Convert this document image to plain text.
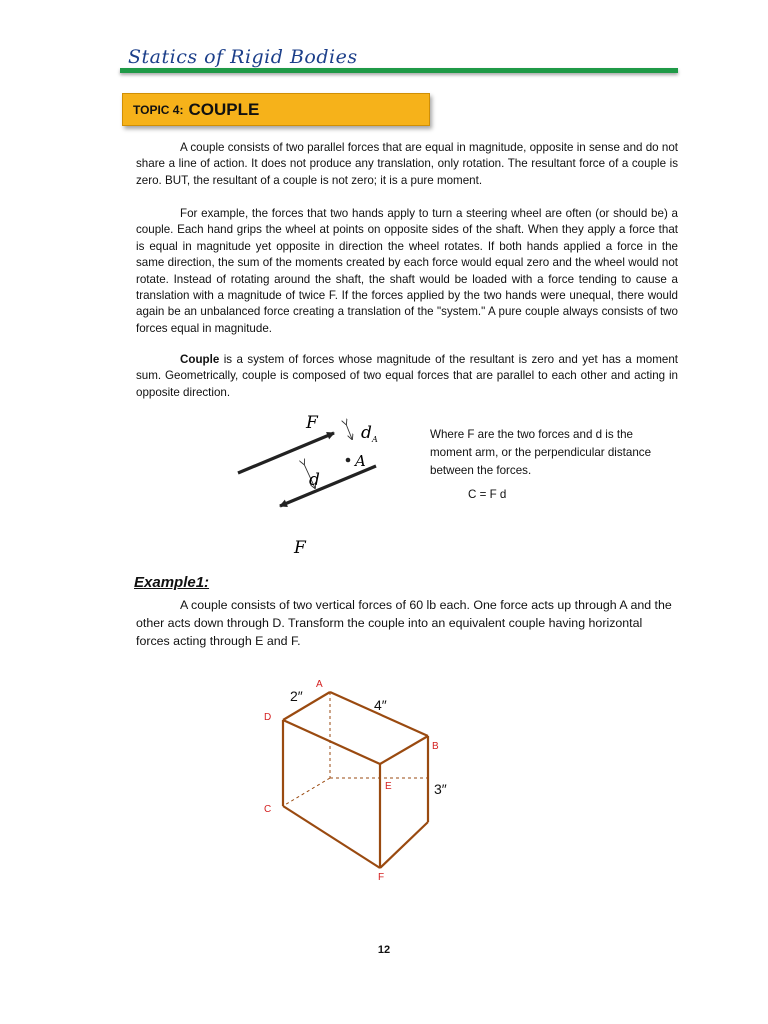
Statics of Rigid Bodies
TOPIC 4: COUPLE

A couple consists of two parallel forces that are equal in magnitude, opposite in sense and do not share a line of action. It does not produce any translation, only rotation. The resultant force of a couple is zero. BUT, the resultant of a couple is not zero; it is a pure moment.

For example, the forces that two hands apply to turn a steering wheel are often (or should be) a couple. Each hand grips the wheel at points on opposite sides of the shaft. When they apply a force that is equal in magnitude yet opposite in direction the wheel rotates. If both hands applied a force in the same direction, the sum of the moments created by each force would equal zero and the wheel would not rotate. Instead of rotating around the shaft, the shaft would be loaded with a force tending to cause a translation with a magnitude of twice F. If the forces applied by the two hands were unequal, there would again be an unbalanced force creating a translation of the "system." A pure couple always consists of two forces equal in magnitude.

Couple is a system of forces whose magnitude of the resultant is zero and yet has a moment sum. Geometrically, couple is composed of two equal forces that are parallel to each other and acting in opposite direction.

F
F
d
d A
A
Where F are the two forces and d is the moment arm, or the perpendicular distance between the forces.
C = F d
Example1:

A couple consists of two vertical forces of 60 lb each. One force acts up through A and the other acts down through D. Transform the couple into an equivalent couple having horizontal forces acting through E and F.

A
B
C
D
E
F
2″
4″
3″
12
